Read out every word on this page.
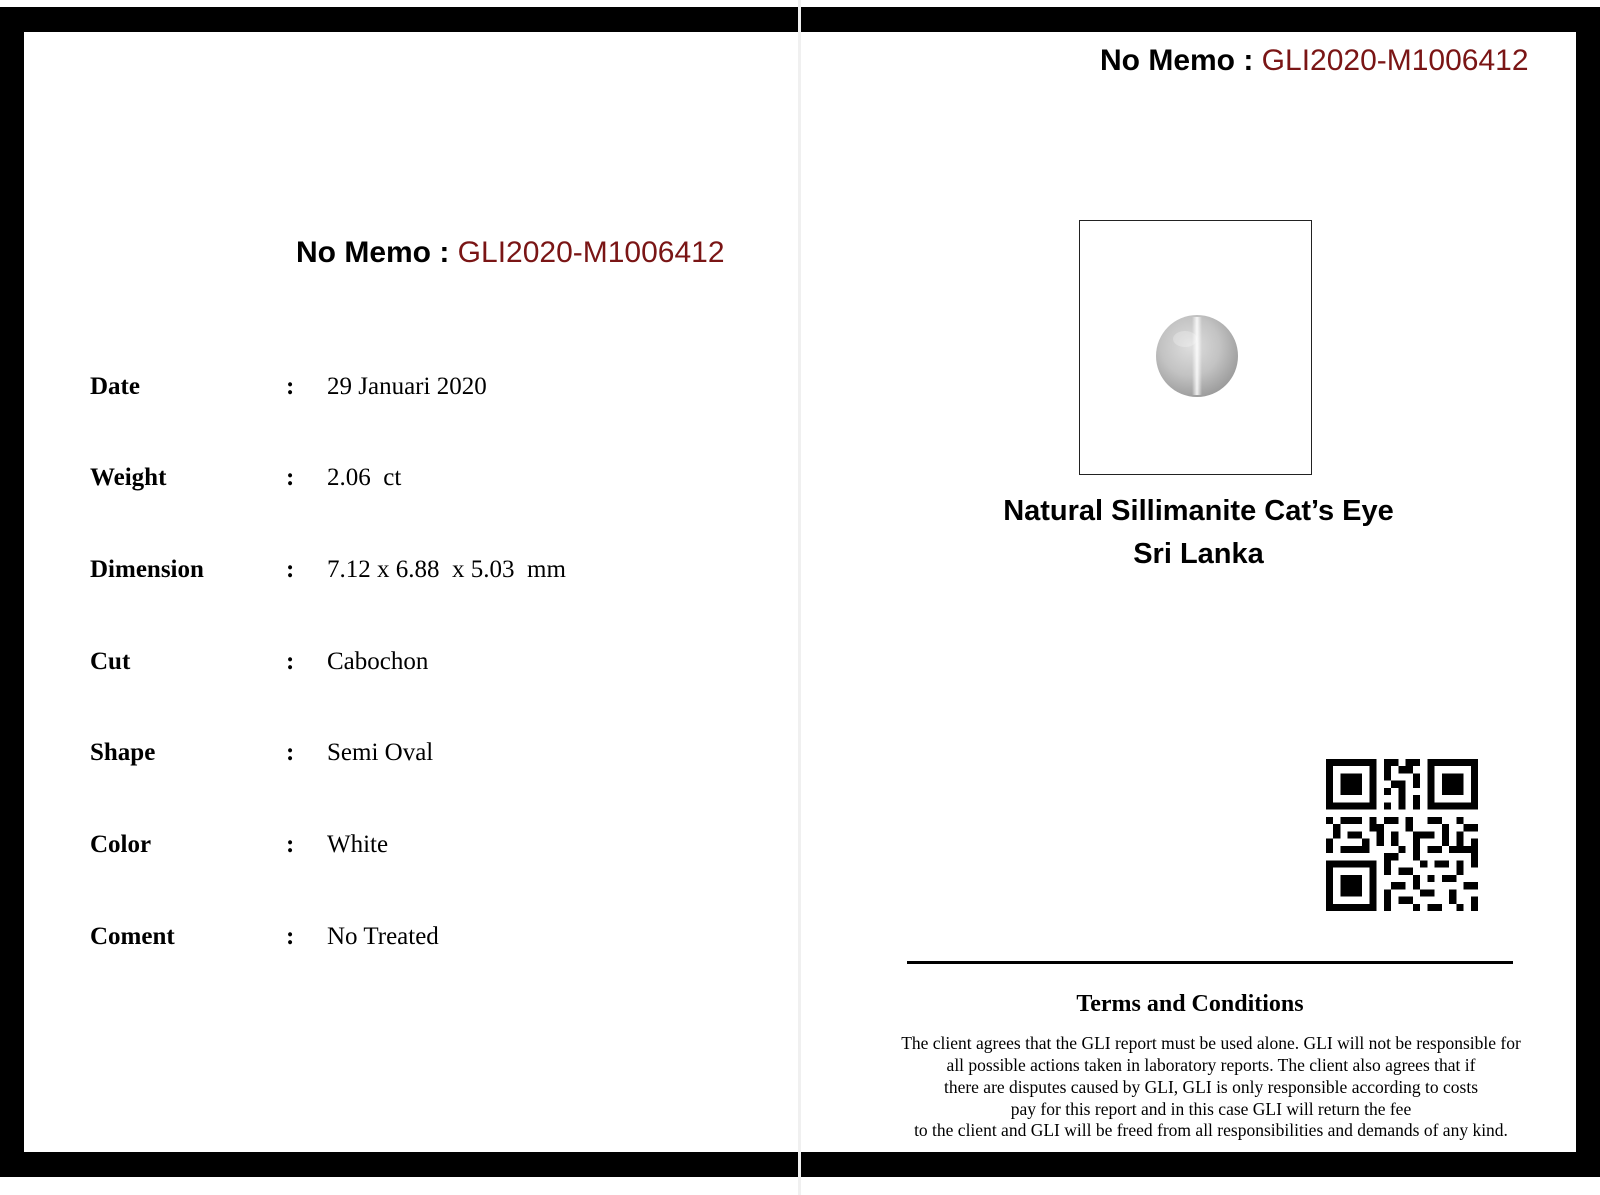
No Memo : GLI2020-M1006412
Date	: 29 Januari 2020
Weight	: 2.06  ct
Dimension	: 7.12 x 6.88  x 5.03  mm
Cut	: Cabochon
Shape	: Semi Oval
Color	: White
Coment	: No Treated
No Memo : GLI2020-M1006412
Natural Sillimanite Cat’s Eye
Sri Lanka
Terms and Conditions
The client agrees that the GLI report must be used alone. GLI will not be responsible for
all possible actions taken in laboratory reports. The client also agrees that if
there are disputes caused by GLI, GLI is only responsible according to costs
pay for this report and in this case GLI will return the fee
to the client and GLI will be freed from all responsibilities and demands of any kind.
